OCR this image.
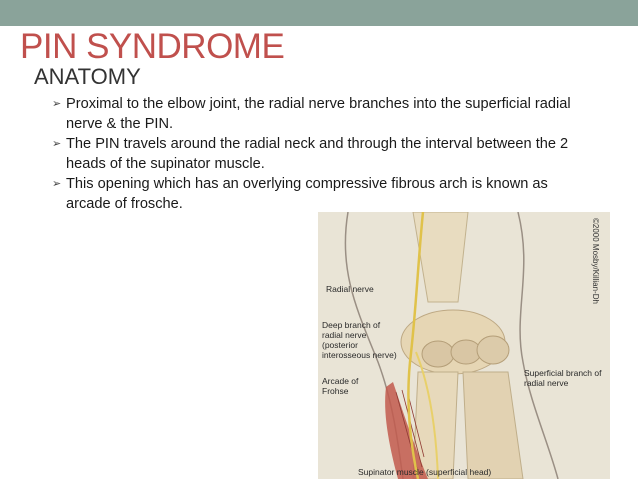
PIN SYNDROME
ANATOMY
➢ Proximal to the elbow joint, the radial nerve branches into the superficial radial nerve & the PIN.
➢ The PIN travels around the radial neck and through the interval between the 2 heads of the supinator muscle.
➢ This opening which has an overlying compressive fibrous arch is known as arcade of frosche.
Radial nerve
Deep branch of radial nerve (posterior interosseous nerve)
Arcade of Frohse
Superficial branch of radial nerve
Supinator muscle (superficial head)
©2000 Mosby/Killian-Dh
